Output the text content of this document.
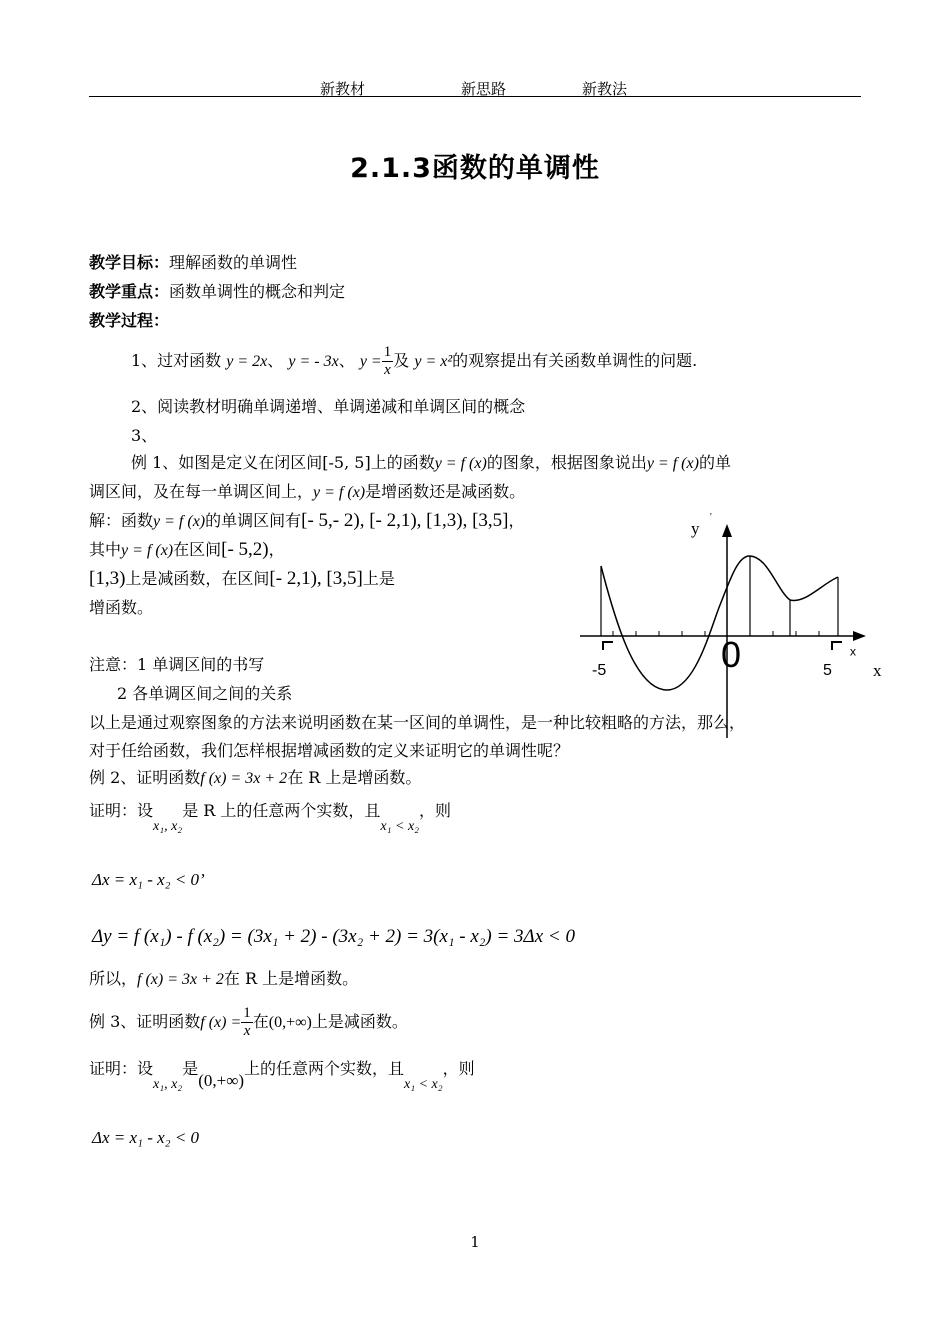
新教材	新思路	新教法
2.1.3函数的单调性
教学目标：理解函数的单调性
教学重点：函数单调性的概念和判定
教学过程：
1、过对函数 y = 2x、 y = - 3x、 $y = \frac{1}{x}$ 及 y = x²的观察提出有关函数单调性的问题.
2、阅读教材明确单调递增、单调递减和单调区间的概念
3、
例 1、如图是定义在闭区间[-5, 5]上的函数y = f (x)的图象，根据图象说出y = f (x)的单
调区间，及在每一单调区间上，y = f (x)是增函数还是减函数。
解：函数y = f (x)的单调区间有[- 5,- 2), [- 2,1), [1,3), [3,5]，
其中y = f (x)在区间[- 5,2)，
[1,3)上是减函数，在区间[- 2,1), [3,5]上是
增函数。
y
'
x
0
-5	5
ˣ
注意：1 单调区间的书写
2 各单调区间之间的关系
以上是通过观察图象的方法来说明函数在某一区间的单调性，是一种比较粗略的方法，那么，
对于任给函数，我们怎样根据增减函数的定义来证明它的单调性呢？
例 2、证明函数f (x) = 3x + 2在 R 上是增函数。
证明：设x₁, x₂是 R 上的任意两个实数，且x₁ < x₂，则
Δx = x₁ - x₂ < 0’
Δy = f (x₁) - f (x₂) = (3x₁ + 2) - (3x₂ + 2) = 3(x₁ - x₂) = 3Δx < 0
所以，f (x) = 3x + 2在 R 上是增函数。
例 3、证明函数f $(x) = \frac{1}{x}$ 在(0,+∞)上是减函数。
证明：设x₁, x₂是(0,+∞)上的任意两个实数，且x₁ < x₂，则
Δx = x₁ - x₂ < 0
1
